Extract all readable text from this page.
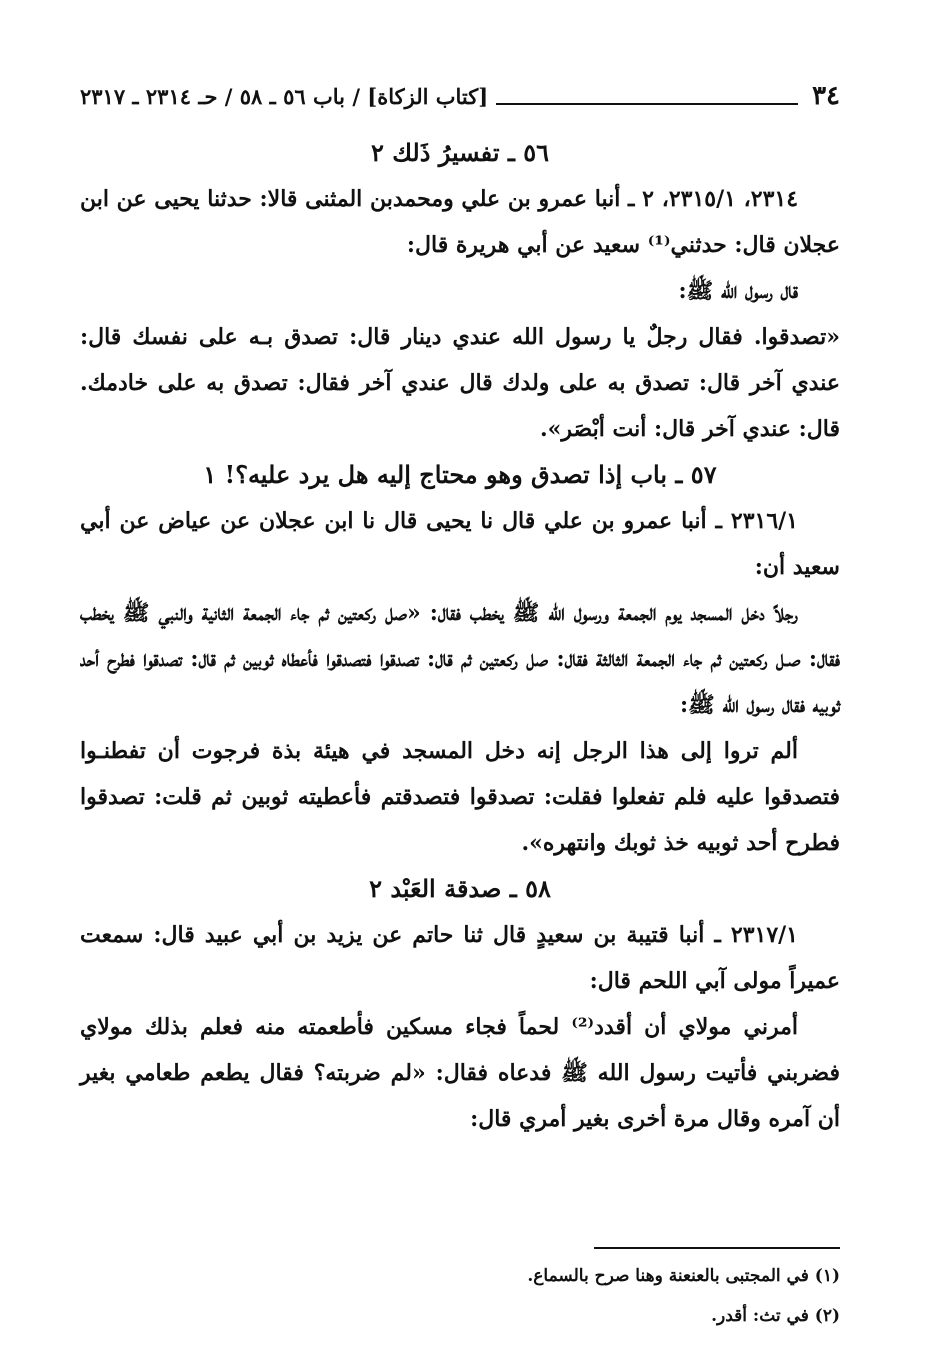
٣٤
[كتاب الزكاة] / باب ٥٦ ـ ٥٨ / حـ ٢٣١٤ ـ ٢٣١٧

٥٦ ـ تفسيرُ ذَلك ٢

٢٣١٤، ٢٣١٥/١، ٢ ـ أنبا عمرو بن علي ومحمدبن المثنى قالا: حدثنا يحيى عن ابن عجلان قال: حدثني⁽¹⁾ سعيد عن أبي هريرة قال:

قال رسول الله ﷺ:

«تصدقوا. فقال رجلٌ يا رسول الله عندي دينار قال: تصدق بـه على نفسك قال: عندي آخر قال: تصدق به على ولدك قال عندي آخر فقال: تصدق به على خادمك. قال: عندي آخر قال: أنت أبْصَر».

٥٧ ـ باب إذا تصدق وهو محتاج إليه هل يرد عليه؟! ١

٢٣١٦/١ ـ أنبا عمرو بن علي قال نا يحيى قال نا ابن عجلان عن عياض عن أبي سعيد أن:

رجلاً دخل المسجد يوم الجمعة ورسول الله ﷺ يخطب فقال: «صل ركعتين ثم جاء الجمعة الثانية والنبي ﷺ يخطب فقال: صـل ركعتين ثم جاء الجمعة الثالثة فقال: صل ركعتين ثم قال: تصدقوا فتصدقوا فأعطاه ثوبين ثم قال: تصدقوا فطرح أحد ثوبيه فقال رسول الله ﷺ:

ألم تروا إلى هذا الرجل إنه دخل المسجد في هيئة بذة فرجوت أن تفطنـوا فتصدقوا عليه فلم تفعلوا فقلت: تصدقوا فتصدقتم فأعطيته ثوبين ثم قلت: تصدقوا فطرح أحد ثوبيه خذ ثوبك وانتهره».

٥٨ ـ صدقة العَبْد ٢

٢٣١٧/١ ـ أنبا قتيبة بن سعيدٍ قال ثنا حاتم عن يزيد بن أبي عبيد قال: سمعت عميراً مولى آبي اللحم قال:

أمرني مولاي أن أقدد⁽²⁾ لحماً فجاء مسكين فأطعمته منه فعلم بذلك مولاي فضربني فأتيت رسول الله ﷺ فدعاه فقال: «لم ضربته؟ فقال يطعم طعامي بغير أن آمره وقال مرة أخرى بغير أمري قال:

(١) في المجتبى بالعنعنة وهنا صرح بالسماع.

(٢) في تث: أقدر.
